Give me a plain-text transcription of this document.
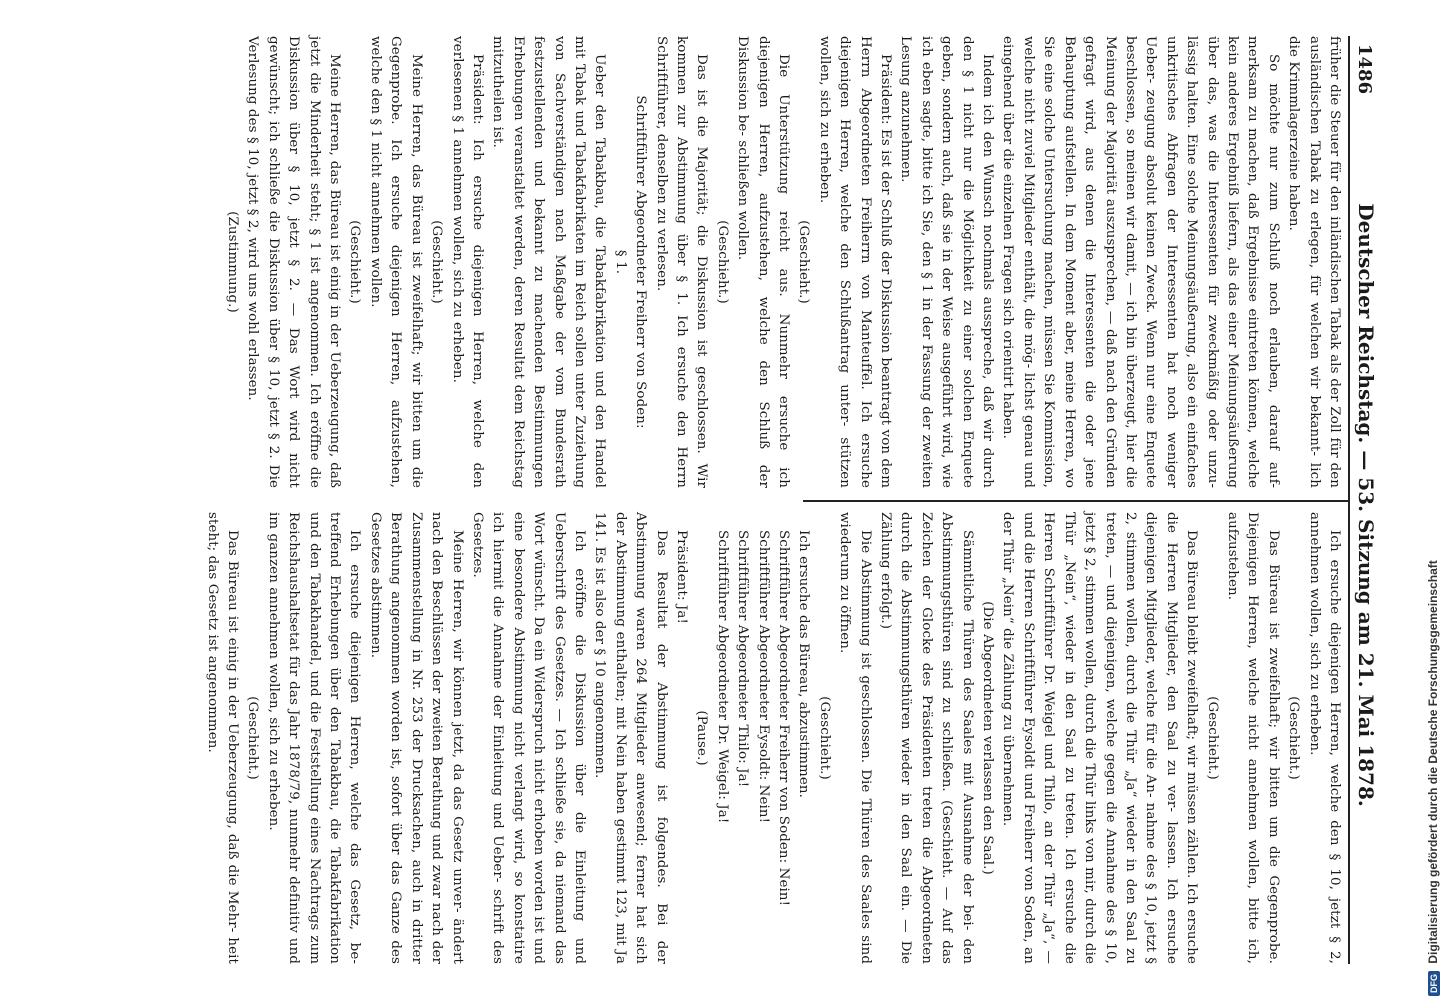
1486
Deutscher Reichstag. — 53. Sitzung am 21. Mai 1878.

früher die Steuer für den inländischen Tabak als der Zoll für den ausländischen Tabak zu erlegen, für welchen wir bekannt- lich die Krimmlagerzeine haben.

So möchte nur zum Schluß noch erlauben, darauf auf- merksam zu machen, daß Ergebnisse eintreten können, welche kein anderes Ergebniß liefern, als das einer Meinungsäußerung über das, was die Interessenten für zweckmäßig oder unzu- lässig halten. Eine solche Meinungsäußerung, also ein einfaches unkritisches Abfragen der Interessenten hat noch weniger Ueber- zeugung absolut keinen Zweck. Wenn nur eine Enquete beschlossen, so meinen wir damit, — ich bin überzeugt, hier die Meinung der Majorität auszusprechen, — daß nach den Gründen gefragt wird, aus denen die Interessenten die oder jene Behauptung aufstellen. In dem Moment aber, meine Herren, wo Sie eine solche Untersuchung machen, müssen Sie Kommission, welche nicht zuviel Mitglieder enthält, die mög- lichst genau und eingehend über die einzelnen Fragen sich orientirt haben.

Indem ich den Wunsch nochmals ausspreche, daß wir durch den § 1 nicht nur die Möglichkeit zu einer solchen Enquete geben, sondern auch, daß sie in der Weise ausgeführt wird, wie ich eben sagte, bitte ich Sie, den § 1 in der Fassung der zweiten Lesung anzunehmen.

Präsident: Es ist der Schluß der Diskussion beantragt von dem Herrn Abgeordneten Freiherrn von Manteuffel. Ich ersuche diejenigen Herren, welche den Schlußantrag unter- stützen wollen, sich zu erheben.

(Geschieht.)

Die Unterstützung reicht aus. Nunmehr ersuche ich diejenigen Herren, aufzustehen, welche den Schluß der Diskussion be- schließen wollen.

(Geschieht.)

Das ist die Majorität; die Diskussion ist geschlossen. Wir kommen zur Abstimmung über § 1. Ich ersuche den Herrn Schriftführer, denselben zu verlesen.

Schriftführer Abgeordneter Freiherr von Soden:

§ 1.

Ueber den Tabakbau, die Tabakfabrikation und den Handel mit Tabak und Tabakfabrikaten im Reich sollen unter Zuziehung von Sachverständigen nach Maßgabe der vom Bundesrath festzustellenden und bekannt zu machenden Bestimmungen Erhebungen veranstaltet werden, deren Resultat dem Reichstag mitzutheilen ist.

Präsident: Ich ersuche diejenigen Herren, welche den verlesenen § 1 annehmen wollen, sich zu erheben.

(Geschieht.)

Meine Herren, das Büreau ist zweifelhaft; wir bitten um die Gegenprobe. Ich ersuche diejenigen Herren, aufzustehen, welche den § 1 nicht annehmen wollen.

(Geschieht.)

Meine Herren, das Büreau ist einig in der Ueberzeugung, daß jetzt die Minderheit steht; § 1 ist angenommen. Ich eröffne die Diskussion über § 10, jetzt § 2. — Das Wort wird nicht gewünscht; ich schließe die Diskussion über § 10, jetzt § 2. Die Verlesung des § 10, jetzt § 2, wird uns wohl erlassen.

(Zustimmung.)

Ich ersuche diejenigen Herren, welche den § 10, jetzt § 2, annehmen wollen, sich zu erheben.

(Geschieht.)

Das Büreau ist zweifelhaft; wir bitten um die Gegenprobe. Diejenigen Herren, welche nicht annehmen wollen, bitte ich, aufzustehen.

(Geschieht.)

Das Büreau bleibt zweifelhaft; wir müssen zählen. Ich ersuche die Herren Mitglieder, den Saal zu ver- lassen. Ich ersuche diejenigen Mitglieder, welche für die An- nahme des § 10, jetzt § 2, stimmen wollen, durch die Thür „Ja“ wieder in den Saal zu treten, — und diejenigen, welche gegen die Annahme des § 10, jetzt § 2, stimmen wollen, durch die Thür links von mir, durch die Thür „Nein“, wieder in den Saal zu treten. Ich ersuche die Herren Schriftführer Dr. Weigel und Thilo, an der Thür „Ja“, — und die Herren Schriftführer Eysoldt und Freiherr von Soden, an der Thür „Nein“ die Zählung zu übernehmen.

(Die Abgeordneten verlassen den Saal.)

Sämmtliche Thüren des Saales mit Ausnahme der bei- den Abstimmungsthüren sind zu schließen. (Geschieht. — Auf das Zeichen der Glocke des Präsidenten treten die Abgeordneten durch die Abstimmungsthüren wieder in den Saal ein. — Die Zählung erfolgt.)

Die Abstimmung ist geschlossen. Die Thüren des Saales sind wiederum zu öffnen.

(Geschieht.)

Ich ersuche das Büreau, abzustimmen.

Schriftführer Abgeordneter Freiherr von Soden: Nein!

Schriftführer Abgeordneter Eysoldt: Nein!

Schriftführer Abgeordneter Thilo: Ja!

Schriftführer Abgeordneter Dr. Weigel: Ja!

(Pause.)

Präsident: Ja!

Das Resultat der Abstimmung ist folgendes. Bei der Abstimmung waren 264 Mitglieder anwesend; ferner hat sich der Abstimmung enthalten; mit Nein haben gestimmt 123, mit Ja 141. Es ist also der § 10 angenommen.

Ich eröffne die Diskussion über die Einleitung und Ueberschrift des Gesetzes. — Ich schließe sie, da niemand das Wort wünscht. Da ein Widerspruch nicht erhoben worden ist und eine besondere Abstimmung nicht verlangt wird, so konstatire ich hiermit die Annahme der Einleitung und Ueber- schrift des Gesetzes.

Meine Herren, wir können jetzt, da das Gesetz unver- ändert nach den Beschlüssen der zweiten Berathung und zwar nach der Zusammenstellung in Nr. 253 der Drucksachen, auch in dritter Berathung angenommen worden ist, sofort über das Ganze des Gesetzes abstimmen.

Ich ersuche diejenigen Herren, welche das Gesetz, be- treffend Erhebungen über den Tabakbau, die Tabakfabrikation und den Tabakhandel, und die Feststellung eines Nachtrags zum Reichshaushaltsetat für das Jahr 1878/79, nunmehr definitiv und im ganzen annehmen wollen, sich zu erheben.

(Geschieht.)

Das Büreau ist einig in der Ueberzeugung, daß die Mehr- heit steht; das Gesetz ist angenommen.

DFG Digitalisierung gefördert durch die Deutsche Forschungsgemeinschaft
